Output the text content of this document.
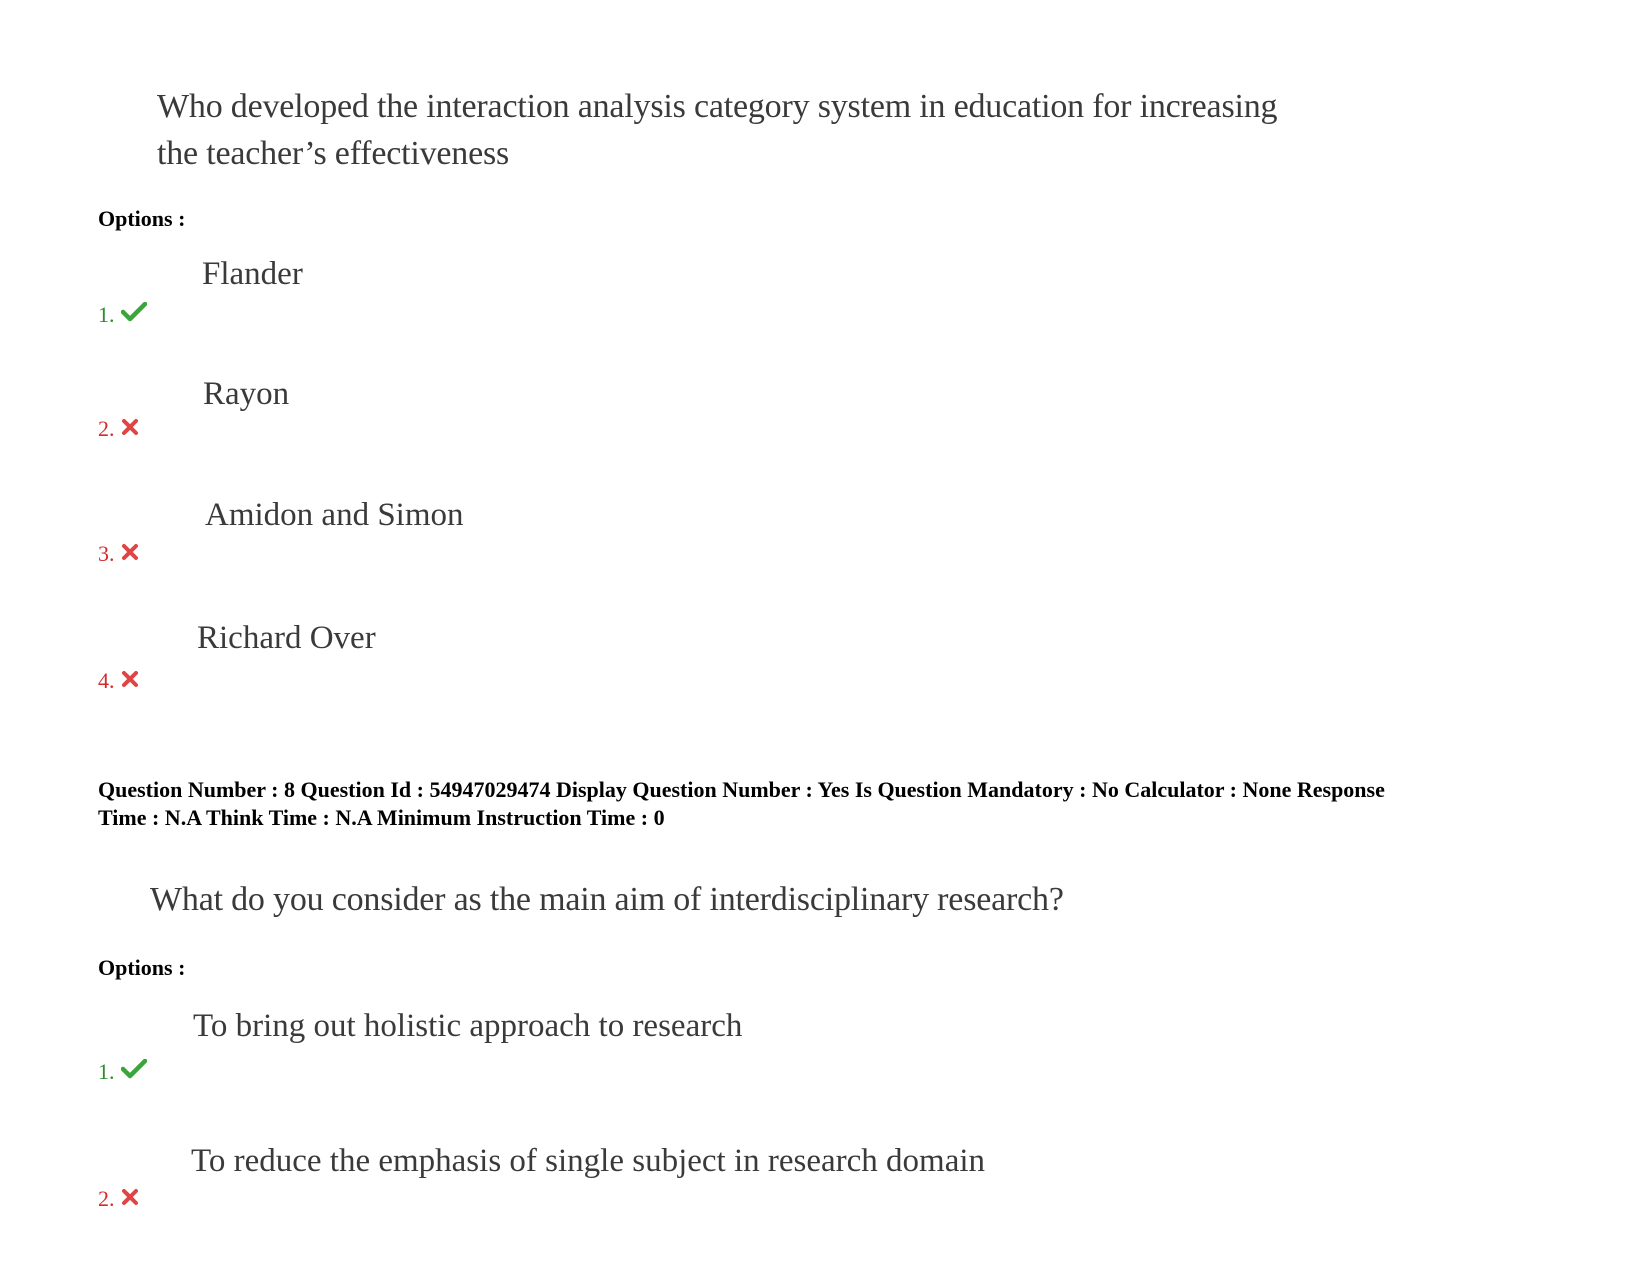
Who developed the interaction analysis category system in education for increasing
the teacher’s effectiveness
Options :
Flander
1.
Rayon
2.
Amidon and Simon
3.
Richard Over
4.
Question Number : 8 Question Id : 54947029474 Display Question Number : Yes Is Question Mandatory : No Calculator : None Response
Time : N.A Think Time : N.A Minimum Instruction Time : 0
What do you consider as the main aim of interdisciplinary research?
Options :
To bring out holistic approach to research
1.
To reduce the emphasis of single subject in research domain
2.
